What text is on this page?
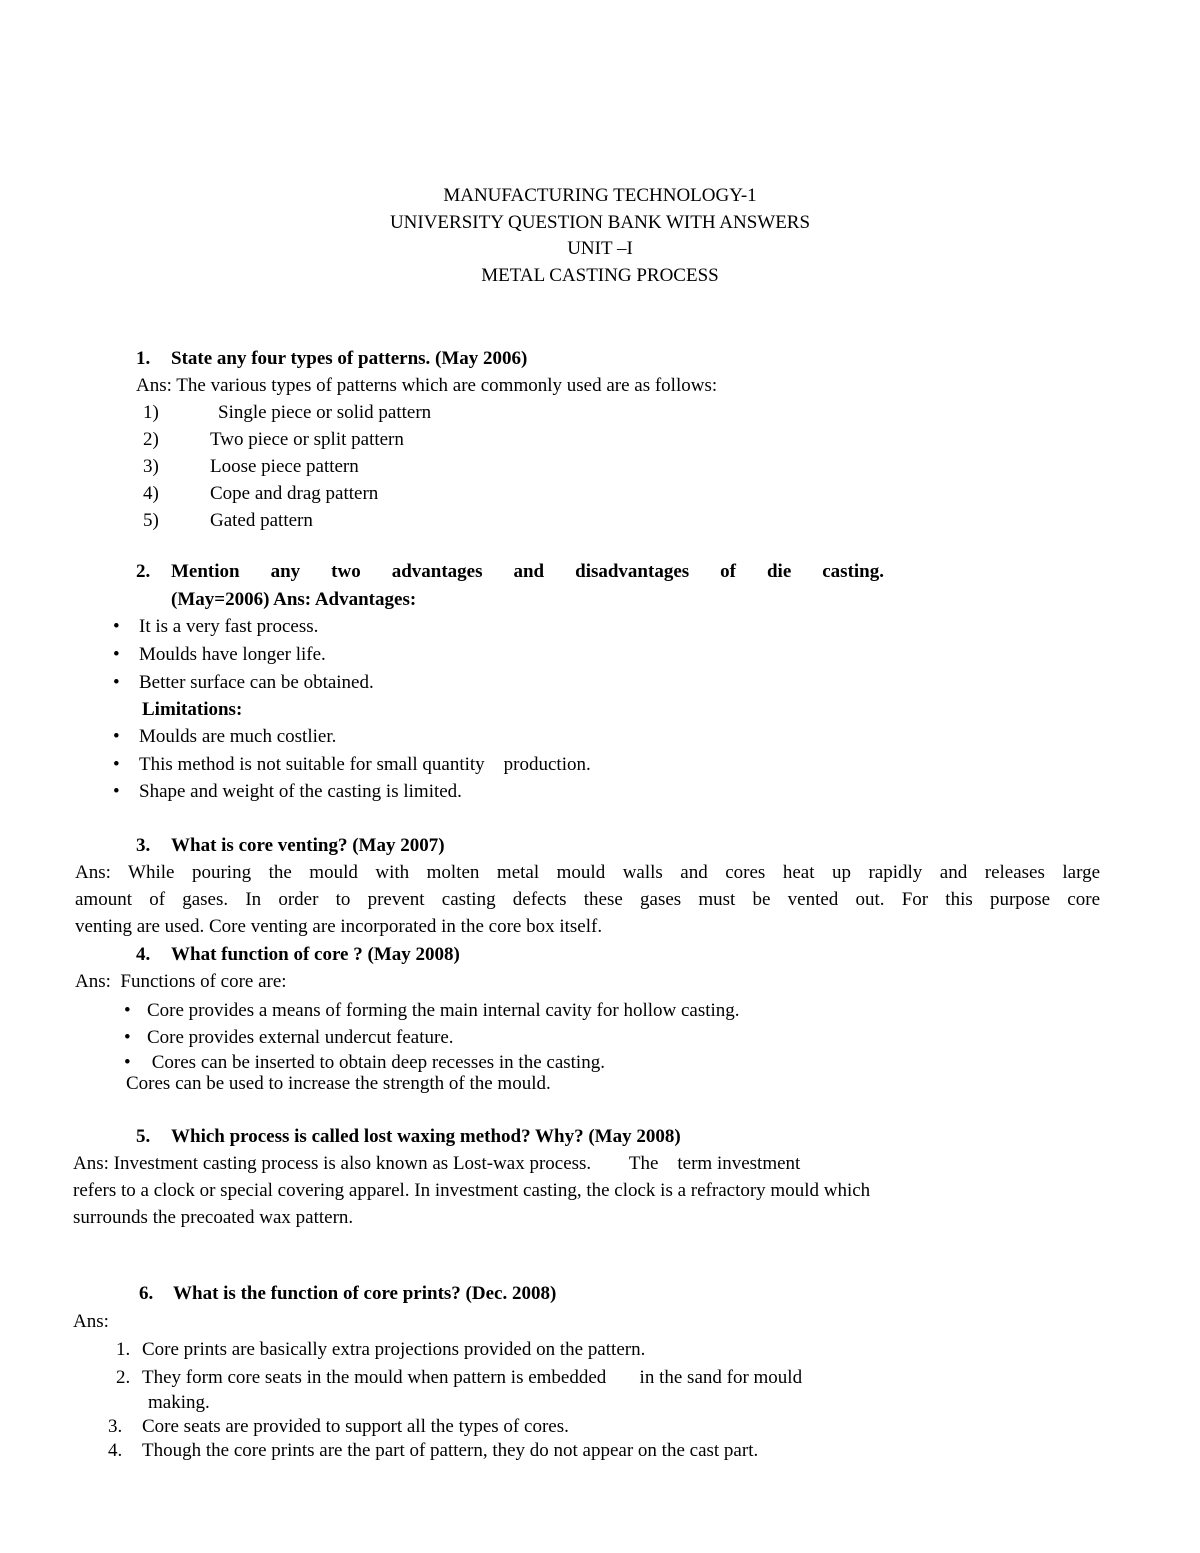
MANUFACTURING TECHNOLOGY-1
UNIVERSITY QUESTION BANK WITH ANSWERS
UNIT –I
METAL CASTING PROCESS
1. State any four types of patterns. (May 2006)
Ans: The various types of patterns which are commonly used are as follows:
1)	Single piece or solid pattern
2)	Two piece or split pattern
3)	Loose piece pattern
4)	Cope and drag pattern
5)	Gated pattern
2. Mention any two advantages and disadvantages of die casting.
(May=2006) Ans: Advantages:
• It is a very fast process.
• Moulds have longer life.
• Better surface can be obtained.
Limitations:
• Moulds are much costlier.
• This method is not suitable for small quantity    production.
• Shape and weight of the casting is limited.
3. What is core venting? (May 2007)
Ans: While pouring the mould with molten metal mould walls and cores heat up rapidly and releases large
amount of gases. In order to prevent casting defects these gases must be vented out. For this purpose core
venting are used. Core venting are incorporated in the core box itself.
4. What function of core ? (May 2008)
Ans:  Functions of core are:
• Core provides a means of forming the main internal cavity for hollow casting.
• Core provides external undercut feature.
• Cores can be inserted to obtain deep recesses in the casting.
Cores can be used to increase the strength of the mould.
5. Which process is called lost waxing method? Why? (May 2008)
Ans: Investment casting process is also known as Lost-wax process.        The    term investment
refers to a clock or special covering apparel. In investment casting, the clock is a refractory mould which
surrounds the precoated wax pattern.
6. What is the function of core prints? (Dec. 2008)
Ans:
1. Core prints are basically extra projections provided on the pattern.
2. They form core seats in the mould when pattern is embedded       in the sand for mould
making.
3. Core seats are provided to support all the types of cores.
4. Though the core prints are the part of pattern, they do not appear on the cast part.
